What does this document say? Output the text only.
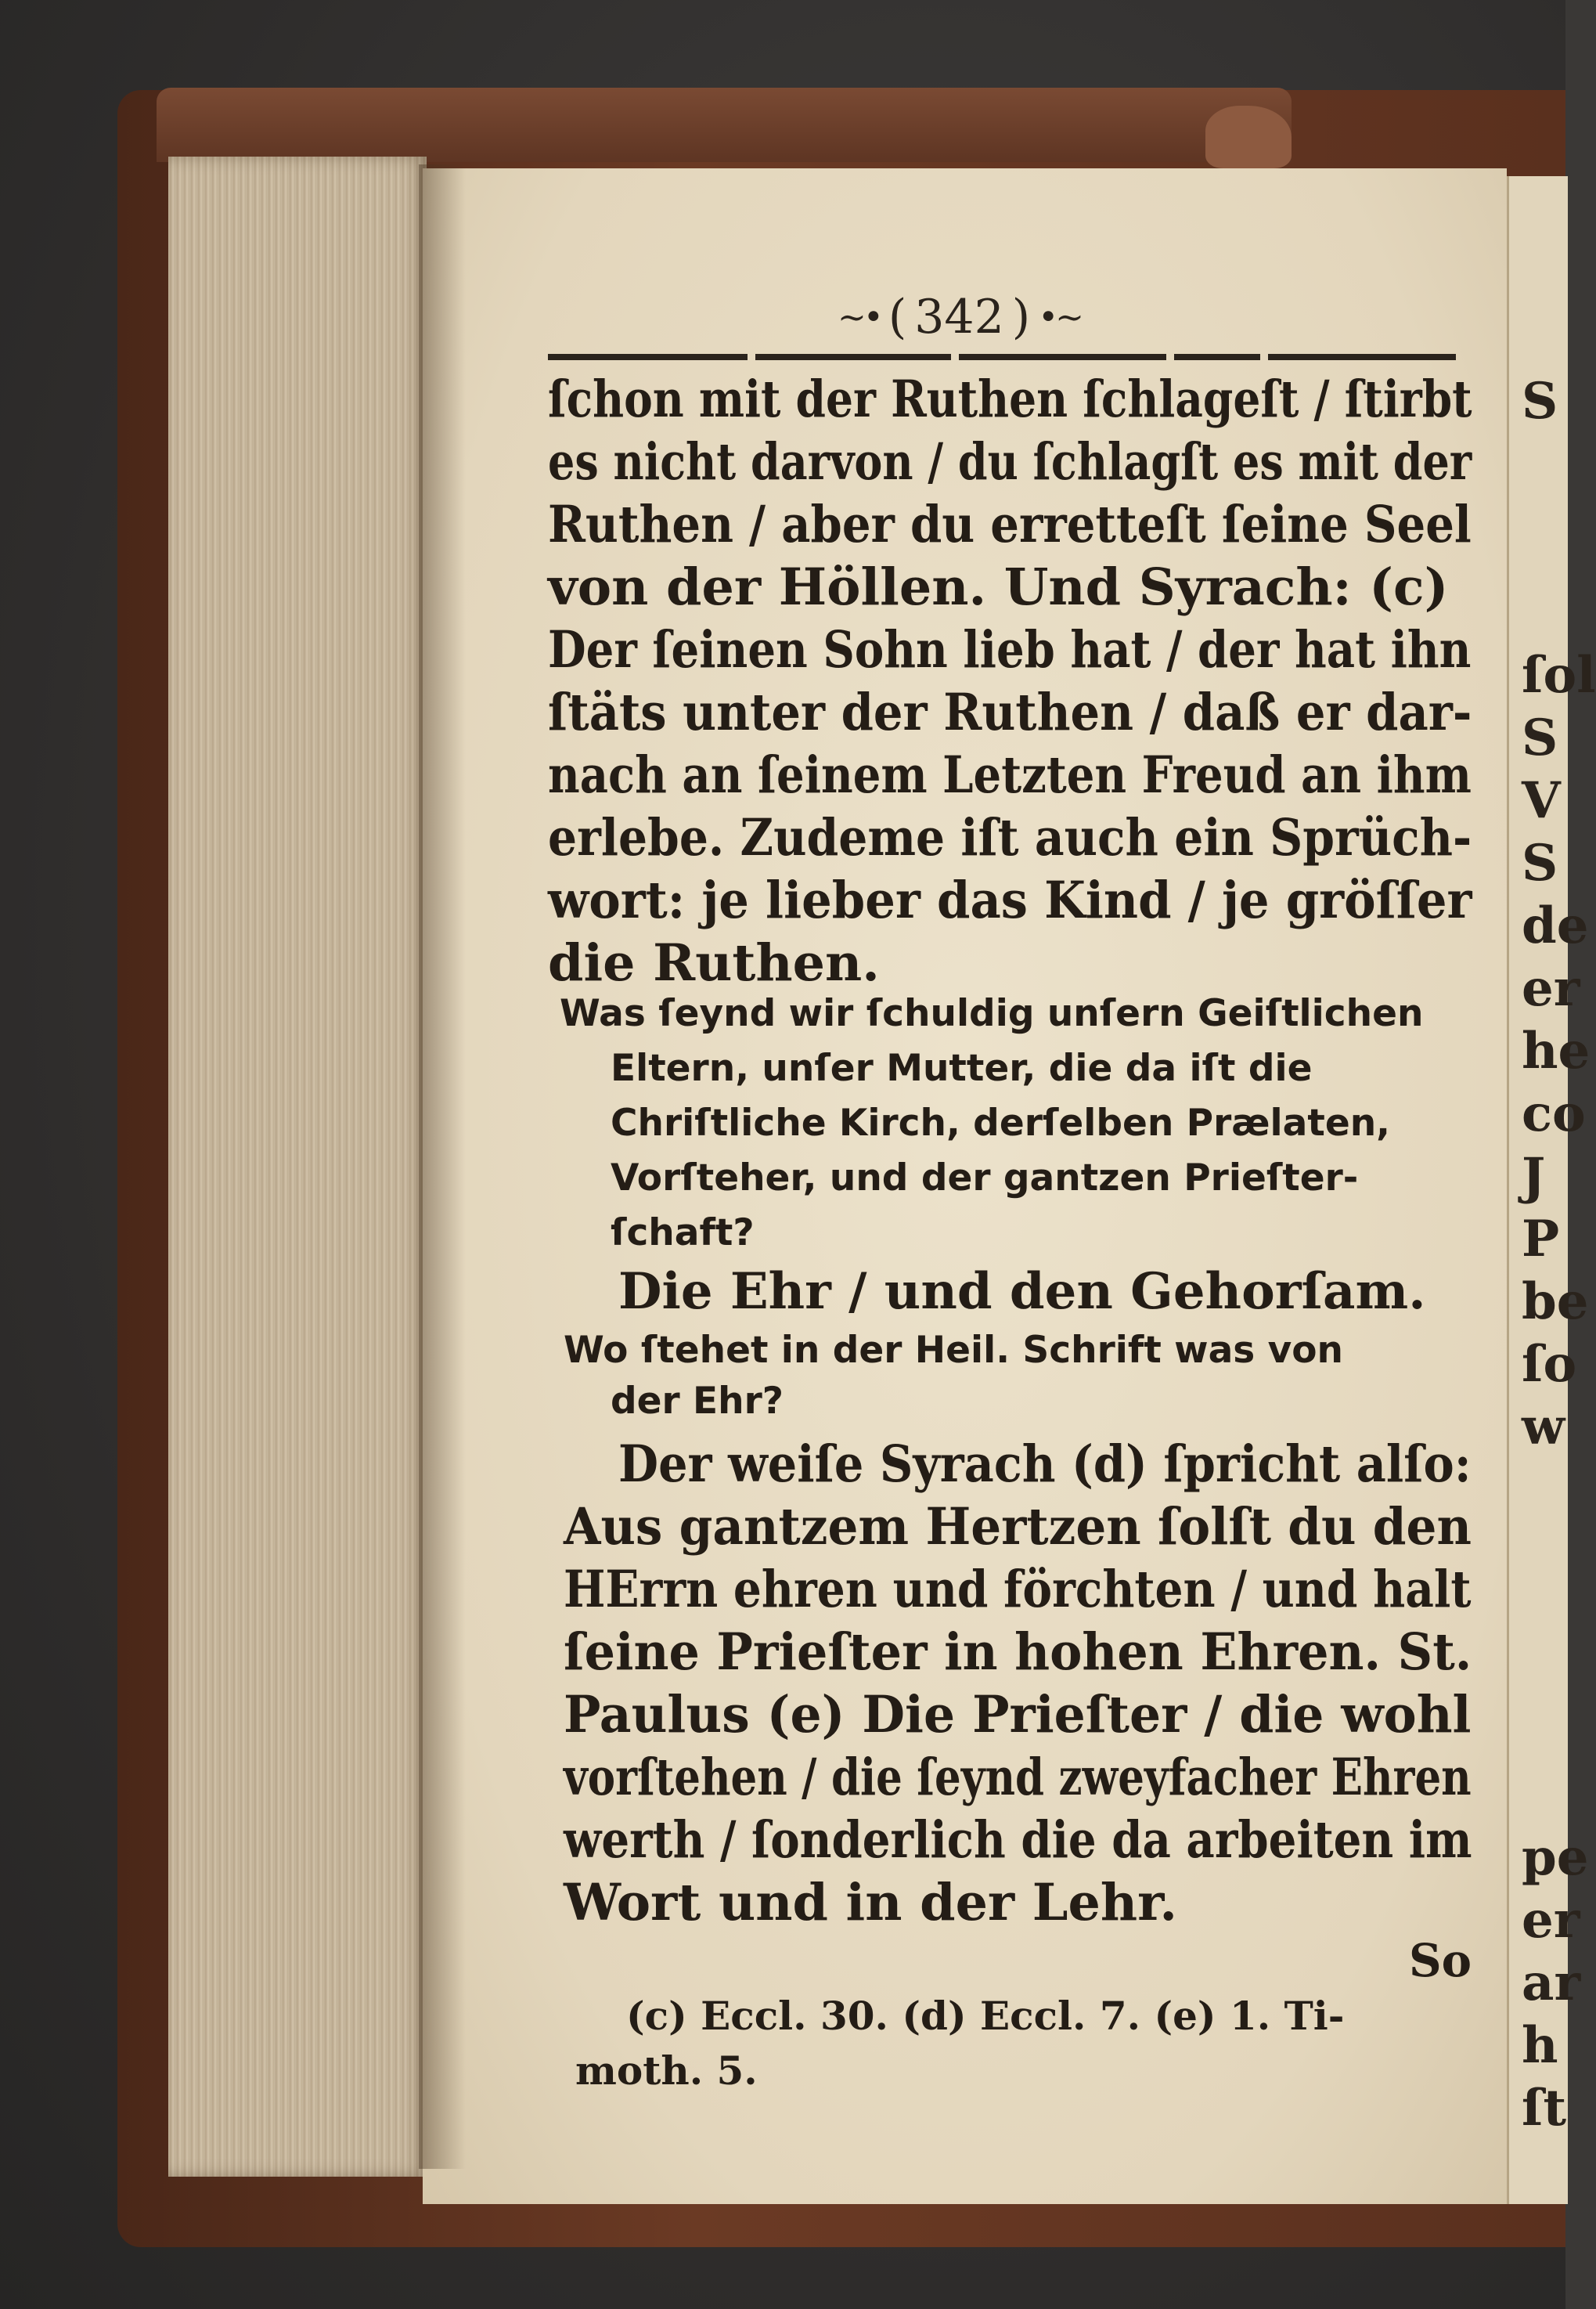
S
ſol
S
V
S
de
er
he
co
J
P
be
ſo
w
pe
er
ar
h
ſt
~• ( 342 ) •~
ſchon mit der Ruthen ſchlageſt / ſtirbt
es nicht darvon / du ſchlagſt es mit der
Ruthen / aber du erretteſt ſeine Seel
von der Höllen. Und Syrach: (c)
Der ſeinen Sohn lieb hat / der hat ihn
ſtäts unter der Ruthen / daß er dar-
nach an ſeinem Letzten Freud an ihm
erlebe. Zudeme iſt auch ein Sprüch-
wort: je lieber das Kind / je gröſſer
die Ruthen.
Was ſeynd wir ſchuldig unſern Geiſtlichen
Eltern, unſer Mutter, die da iſt die
Chriſtliche Kirch, derſelben Prælaten,
Vorſteher, und der gantzen Prieſter-
ſchaft?
Die Ehr / und den Gehorſam.
Wo ſtehet in der Heil. Schrift was von
der Ehr?
Der weiſe Syrach (d) ſpricht alſo:
Aus gantzem Hertzen ſolſt du den
HErrn ehren und förchten / und halt
ſeine Prieſter in hohen Ehren. St.
Paulus (e) Die Prieſter / die wohl
vorſtehen / die ſeynd zweyfacher Ehren
werth / ſonderlich die da arbeiten im
Wort und in der Lehr.
So
(c) Eccl. 30. (d) Eccl. 7. (e) 1. Ti-
moth. 5.
